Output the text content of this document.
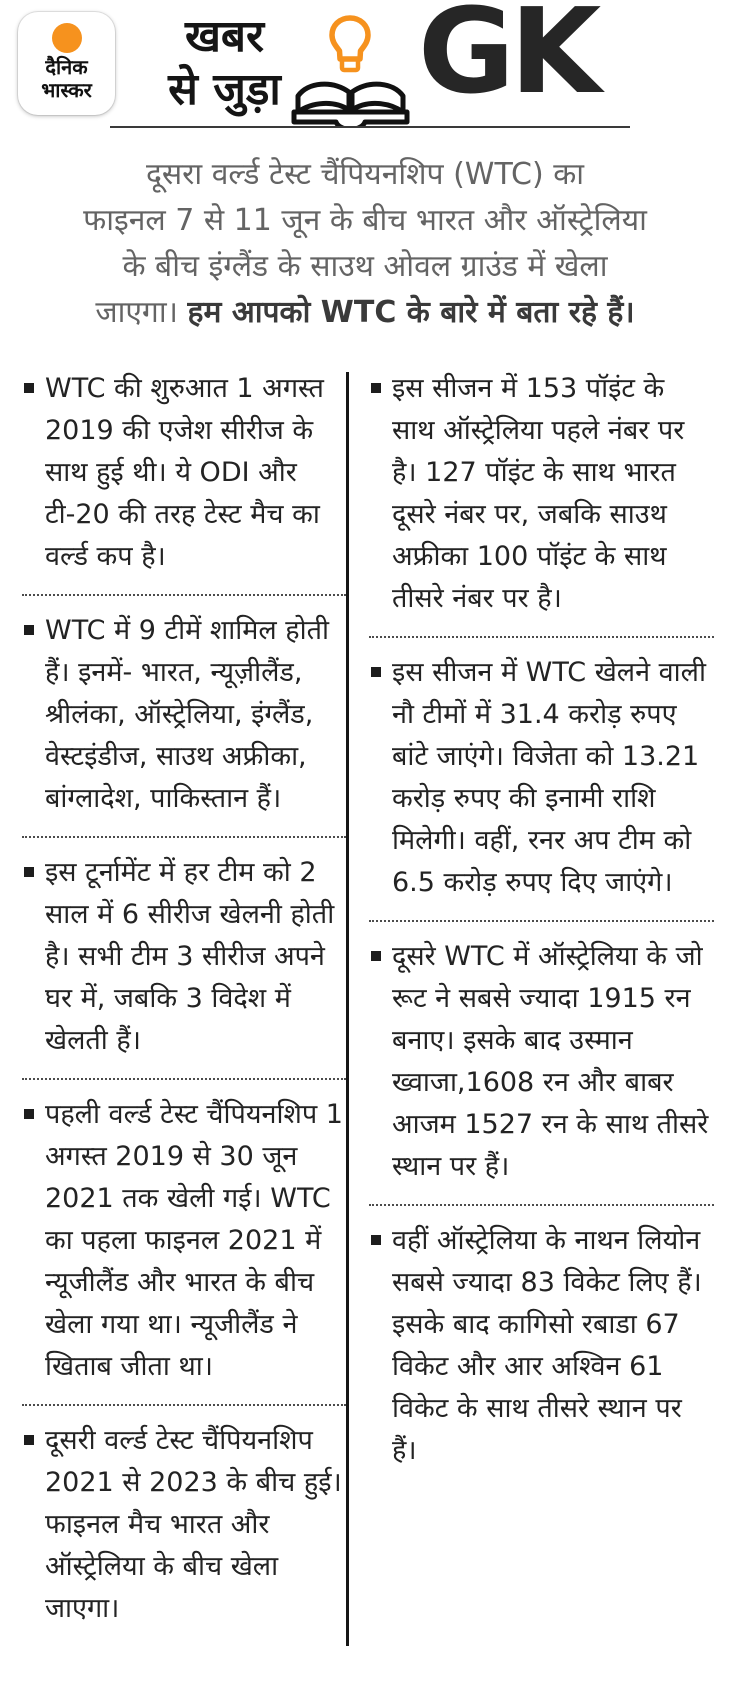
दैनिक
भास्कर
खबर
से जुड़ा GK
दूसरा वर्ल्ड टेस्ट चैंपियनशिप (WTC) का
फाइनल 7 से 11 जून के बीच भारत और ऑस्ट्रेलिया
के बीच इंग्लैंड के साउथ ओवल ग्राउंड में खेला
जाएगा। हम आपको WTC के बारे में बता रहे हैं।
WTC की शुरुआत 1 अगस्त 2019 की एजेश सीरीज के साथ हुई थी। ये ODI और टी-20 की तरह टेस्ट मैच का वर्ल्ड कप है।
WTC में 9 टीमें शामिल होती हैं। इनमें- भारत, न्यूज़ीलैंड, श्रीलंका, ऑस्ट्रेलिया, इंग्लैंड, वेस्टइंडीज, साउथ अफ्रीका, बांग्लादेश, पाकिस्तान हैं।
इस टूर्नामेंट में हर टीम को 2 साल में 6 सीरीज खेलनी होती है। सभी टीम 3 सीरीज अपने घर में, जबकि 3 विदेश में खेलती हैं।
पहली वर्ल्ड टेस्ट चैंपियनशिप 1 अगस्त 2019 से 30 जून 2021 तक खेली गई। WTC का पहला फाइनल 2021 में न्यूजीलैंड और भारत के बीच खेला गया था। न्यूजीलैंड ने खिताब जीता था।
दूसरी वर्ल्ड टेस्ट चैंपियनशिप 2021 से 2023 के बीच हुई। फाइनल मैच भारत और ऑस्ट्रेलिया के बीच खेला जाएगा।
इस सीजन में 153 पॉइंट के साथ ऑस्ट्रेलिया पहले नंबर पर है। 127 पॉइंट के साथ भारत दूसरे नंबर पर, जबकि साउथ अफ्रीका 100 पॉइंट के साथ तीसरे नंबर पर है।
इस सीजन में WTC खेलने वाली नौ टीमों में 31.4 करोड़ रुपए बांटे जाएंगे। विजेता को 13.21 करोड़ रुपए की इनामी राशि मिलेगी। वहीं, रनर अप टीम को 6.5 करोड़ रुपए दिए जाएंगे।
दूसरे WTC में ऑस्ट्रेलिया के जो रूट ने सबसे ज्यादा 1915 रन बनाए। इसके बाद उस्मान ख्वाजा,1608 रन और बाबर आजम 1527 रन के साथ तीसरे स्थान पर हैं।
वहीं ऑस्ट्रेलिया के नाथन लियोन सबसे ज्यादा 83 विकेट लिए हैं। इसके बाद कागिसो रबाडा 67 विकेट और आर अश्विन 61 विकेट के साथ तीसरे स्थान पर हैं।
